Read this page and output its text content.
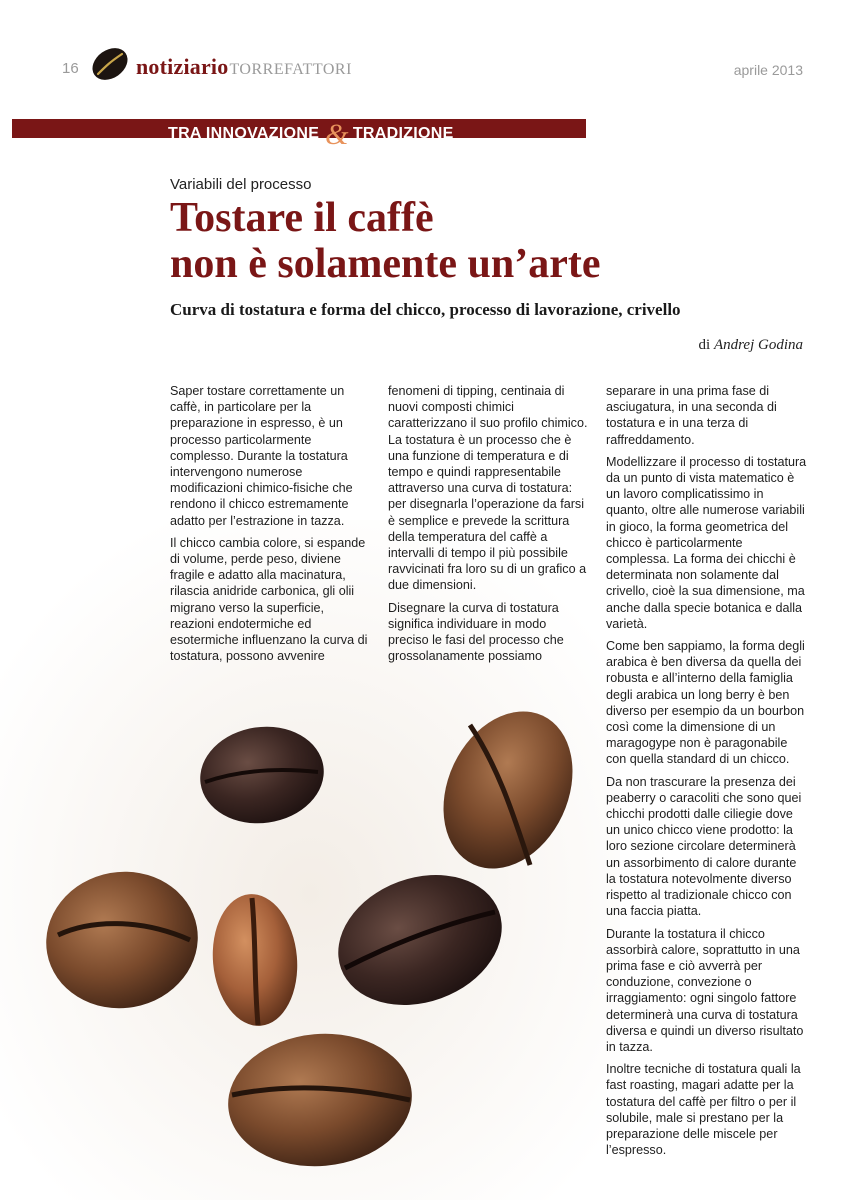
16	notiziarioTORREFATTORI	aprile 2013
TRA INNOVAZIONE & TRADIZIONE
Variabili del processo
Tostare il caffè
non è solamente un’arte
Curva di tostatura e forma del chicco, processo di lavorazione, crivello
di Andrej Godina

Saper tostare correttamente un caffè, in particolare per la preparazione in espresso, è un processo particolarmente complesso. Durante la tostatura intervengono numerose modificazioni chimico-fisiche che rendono il chicco estremamente adatto per l’estrazione in tazza.

Il chicco cambia colore, si espande di volume, perde peso, diviene fragile e adatto alla macinatura, rilascia anidride carbonica, gli olii migrano verso la superficie, reazioni endotermiche ed esotermiche influenzano la curva di tostatura, possono avvenire

fenomeni di tipping, centinaia di nuovi composti chimici caratterizzano il suo profilo chimico. La tostatura è un processo che è una funzione di temperatura e di tempo e quindi rappresentabile attraverso una curva di tostatura: per disegnarla l’operazione da farsi è semplice e prevede la scrittura della temperatura del caffè a intervalli di tempo il più possibile ravvicinati fra loro su di un grafico a due dimensioni.

Disegnare la curva di tostatura significa individuare in modo preciso le fasi del processo che grossolanamente possiamo

separare in una prima fase di asciugatura, in una seconda di tostatura e in una terza di raffreddamento.

Modellizzare il processo di tostatura da un punto di vista matematico è un lavoro complicatissimo in quanto, oltre alle numerose variabili in gioco, la forma geometrica del chicco è particolarmente complessa. La forma dei chicchi è determinata non solamente dal crivello, cioè la sua dimensione, ma anche dalla specie botanica e dalla varietà.

Come ben sappiamo, la forma degli arabica è ben diversa da quella dei robusta e all’interno della famiglia degli arabica un long berry è ben diverso per esempio da un bourbon così come la dimensione di un maragogype non è paragonabile con quella standard di un chicco.

Da non trascurare la presenza dei peaberry o caracoliti che sono quei chicchi prodotti dalle ciliegie dove un unico chicco viene prodotto: la loro sezione circolare determinerà un assorbimento di calore durante la tostatura notevolmente diverso rispetto al tradizionale chicco con una faccia piatta.

Durante la tostatura il chicco assorbirà calore, soprattutto in una prima fase e ciò avverrà per conduzione, convezione o irraggiamento: ogni singolo fattore determinerà una curva di tostatura diversa e quindi un diverso risultato in tazza.

Inoltre tecniche di tostatura quali la fast roasting, magari adatte per la tostatura del caffè per filtro o per il solubile, male si prestano per la preparazione delle miscele per l’espresso.
